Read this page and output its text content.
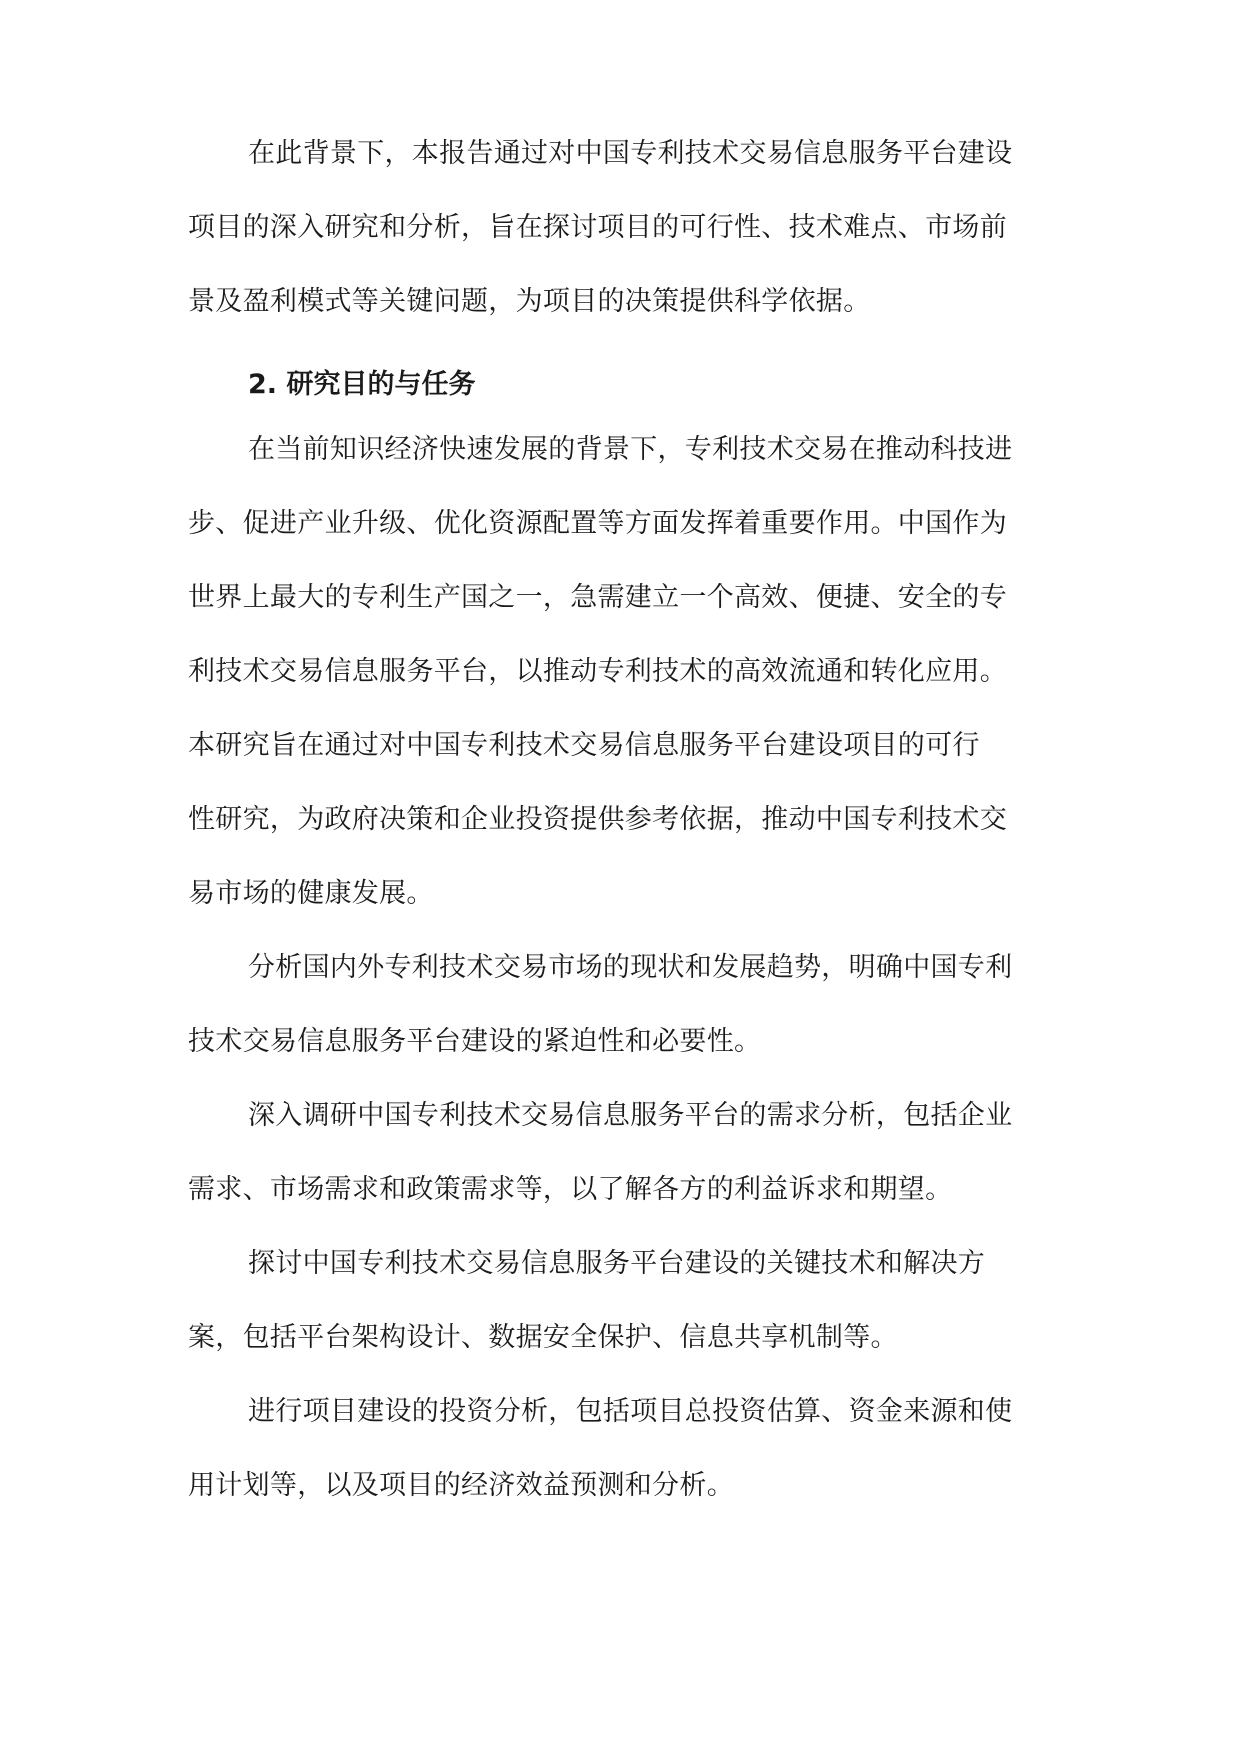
在此背景下，本报告通过对中国专利技术交易信息服务平台建设
项目的深入研究和分析，旨在探讨项目的可行性、技术难点、市场前
景及盈利模式等关键问题，为项目的决策提供科学依据。
2. 研究目的与任务
在当前知识经济快速发展的背景下，专利技术交易在推动科技进
步、促进产业升级、优化资源配置等方面发挥着重要作用。中国作为
世界上最大的专利生产国之一，急需建立一个高效、便捷、安全的专
利技术交易信息服务平台，以推动专利技术的高效流通和转化应用。
本研究旨在通过对中国专利技术交易信息服务平台建设项目的可行
性研究，为政府决策和企业投资提供参考依据，推动中国专利技术交
易市场的健康发展。
分析国内外专利技术交易市场的现状和发展趋势，明确中国专利
技术交易信息服务平台建设的紧迫性和必要性。
深入调研中国专利技术交易信息服务平台的需求分析，包括企业
需求、市场需求和政策需求等，以了解各方的利益诉求和期望。
探讨中国专利技术交易信息服务平台建设的关键技术和解决方
案，包括平台架构设计、数据安全保护、信息共享机制等。
进行项目建设的投资分析，包括项目总投资估算、资金来源和使
用计划等，以及项目的经济效益预测和分析。
